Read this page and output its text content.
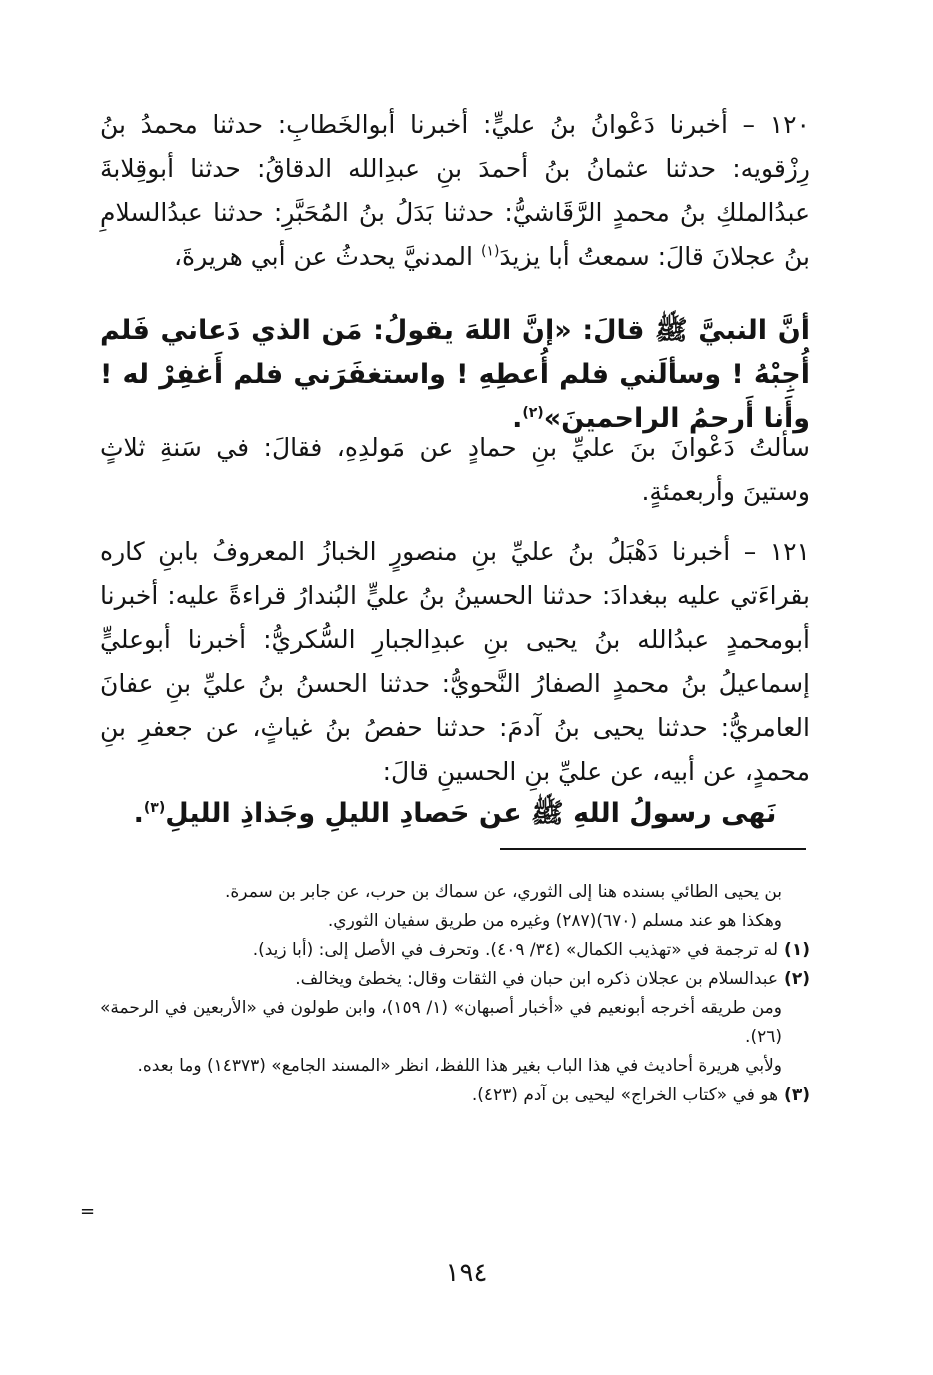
١٢٠ – أخبرنا دَعْوانُ بنُ عليٍّ: أخبرنا أبوالخَطابِ: حدثنا محمدُ بنُ رِزْقويه: حدثنا عثمانُ بنُ أحمدَ بنِ عبدِالله الدقاقُ: حدثنا أبوقِلابةَ عبدُالملكِ بنُ محمدٍ الرَّقَاشيُّ: حدثنا بَدَلُ بنُ المُحَبَّرِ: حدثنا عبدُالسلامِ بنُ عجلانَ قالَ: سمعتُ أبا يزيدَ$^{(١)}$ المدنيَّ يحدثُ عن أبي هريرةَ،
أنَّ النبيَّ ﷺ قالَ: «إنَّ اللهَ يقولُ: مَن الذي دَعاني فَلم أُجِبْهُ ! وسألَني فلم أُعطِهِ ! واستغفَرَني فلم أَغفِرْ له ! وأَنا أَرحمُ الراحمينَ»$^{(٢)}$.
سألتُ دَعْوانَ بنَ عليِّ بنِ حمادٍ عن مَولدِهِ، فقالَ: في سَنةِ ثلاثٍ وستينَ وأربعمئةٍ.
١٢١ – أخبرنا دَهْبَلُ بنُ عليِّ بنِ منصورٍ الخبازُ المعروفُ بابنِ كاره بقراءَتي عليه ببغدادَ: حدثنا الحسينُ بنُ عليٍّ البُندارُ قراءةً عليه: أخبرنا أبومحمدٍ عبدُالله بنُ يحيى بنِ عبدِالجبارِ السُّكريُّ: أخبرنا أبوعليٍّ إسماعيلُ بنُ محمدٍ الصفارُ النَّحويُّ: حدثنا الحسنُ بنُ عليِّ بنِ عفانَ العامريُّ: حدثنا يحيى بنُ آدمَ: حدثنا حفصُ بنُ غياثٍ، عن جعفرِ بنِ محمدٍ، عن أبيه، عن عليِّ بنِ الحسينِ قالَ:
نَهى رسولُ اللهِ ﷺ عن حَصادِ الليلِ وجَذاذِ الليلِ$^{(٣)}$.
بن يحيى الطائي بسنده هنا إلى الثوري، عن سماك بن حرب، عن جابر بن سمرة.
وهكذا هو عند مسلم (٦٧٠)(٢٨٧) وغيره من طريق سفيان الثوري.
(١)له ترجمة في «تهذيب الكمال» (٣٤/ ٤٠٩). وتحرف في الأصل إلى: (أبا زيد).
(٢)عبدالسلام بن عجلان ذكره ابن حبان في الثقات وقال: يخطئ ويخالف.
ومن طريقه أخرجه أبونعيم في «أخبار أصبهان» (١/ ١٥٩)، وابن طولون في «الأربعين في الرحمة» (٢٦).
ولأبي هريرة أحاديث في هذا الباب بغير هذا اللفظ، انظر «المسند الجامع» (١٤٣٧٣) وما بعده.
(٣)هو في «كتاب الخراج» ليحيى بن آدم (٤٢٣).
=
١٩٤
